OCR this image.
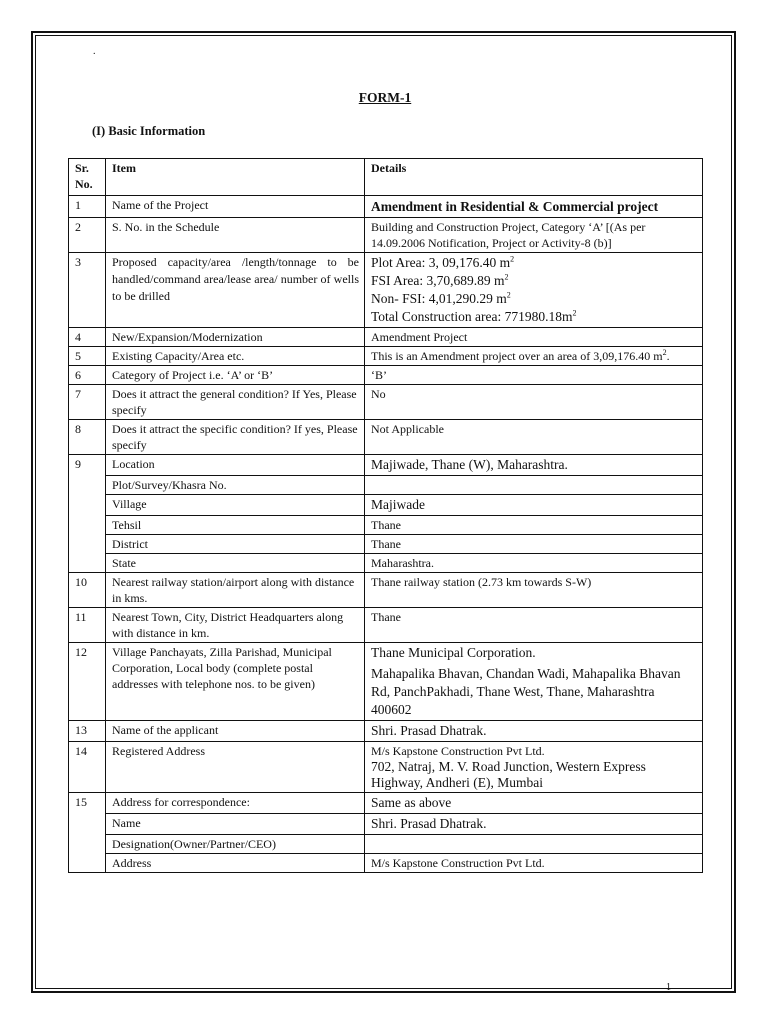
.
FORM-1
(I) Basic Information
Sr. No.	Item	Details
1	Name of the Project	Amendment in Residential & Commercial project
2	S. No. in the Schedule	Building and Construction Project, Category ‘A’ [(As per 14.09.2006 Notification, Project or Activity-8 (b)]
3	Proposed capacity/area /length/tonnage to be handled/command area/lease area/ number of wells to be drilled	Plot Area: 3, 09,176.40 $m^2$
FSI Area: 3,70,689.89 $m^2$
Non- FSI: 4,01,290.29 $m^2$
Total Construction area: $771980.18m^2$

4	New/Expansion/Modernization	Amendment Project
5	Existing Capacity/Area etc.	This is an Amendment project over an area of 3,09,176.40 $m^2$.
6	Category of Project i.e. ‘A’ or ‘B’	‘B’
7	Does it attract the general condition? If Yes, Please specify	No
8	Does it attract the specific condition? If yes, Please specify	Not Applicable
9	Location	Majiwade, Thane (W), Maharashtra.
	Plot/Survey/Khasra No.	
	Village	Majiwade
	Tehsil	Thane
	District	Thane
	State	Maharashtra.
10	Nearest railway station/airport along with distance in kms.	Thane railway station (2.73 km towards S-W)
11	Nearest Town, City, District Headquarters along with distance in km.	Thane
12	Village Panchayats, Zilla Parishad, Municipal Corporation, Local body (complete postal addresses with telephone nos. to be given)	Thane Municipal Corporation.
Mahapalika Bhavan, Chandan Wadi, Mahapalika Bhavan Rd, PanchPakhadi, Thane West, Thane, Maharashtra 400602

13	Name of the applicant	Shri. Prasad Dhatrak.
14	Registered Address	M/s Kapstone Construction Pvt Ltd.
702, Natraj, M. V. Road Junction, Western Express Highway, Andheri (E), Mumbai

15	Address for correspondence:	Same as above
	Name	Shri. Prasad Dhatrak.
	Designation(Owner/Partner/CEO)	
	Address	M/s Kapstone Construction Pvt Ltd.
1
